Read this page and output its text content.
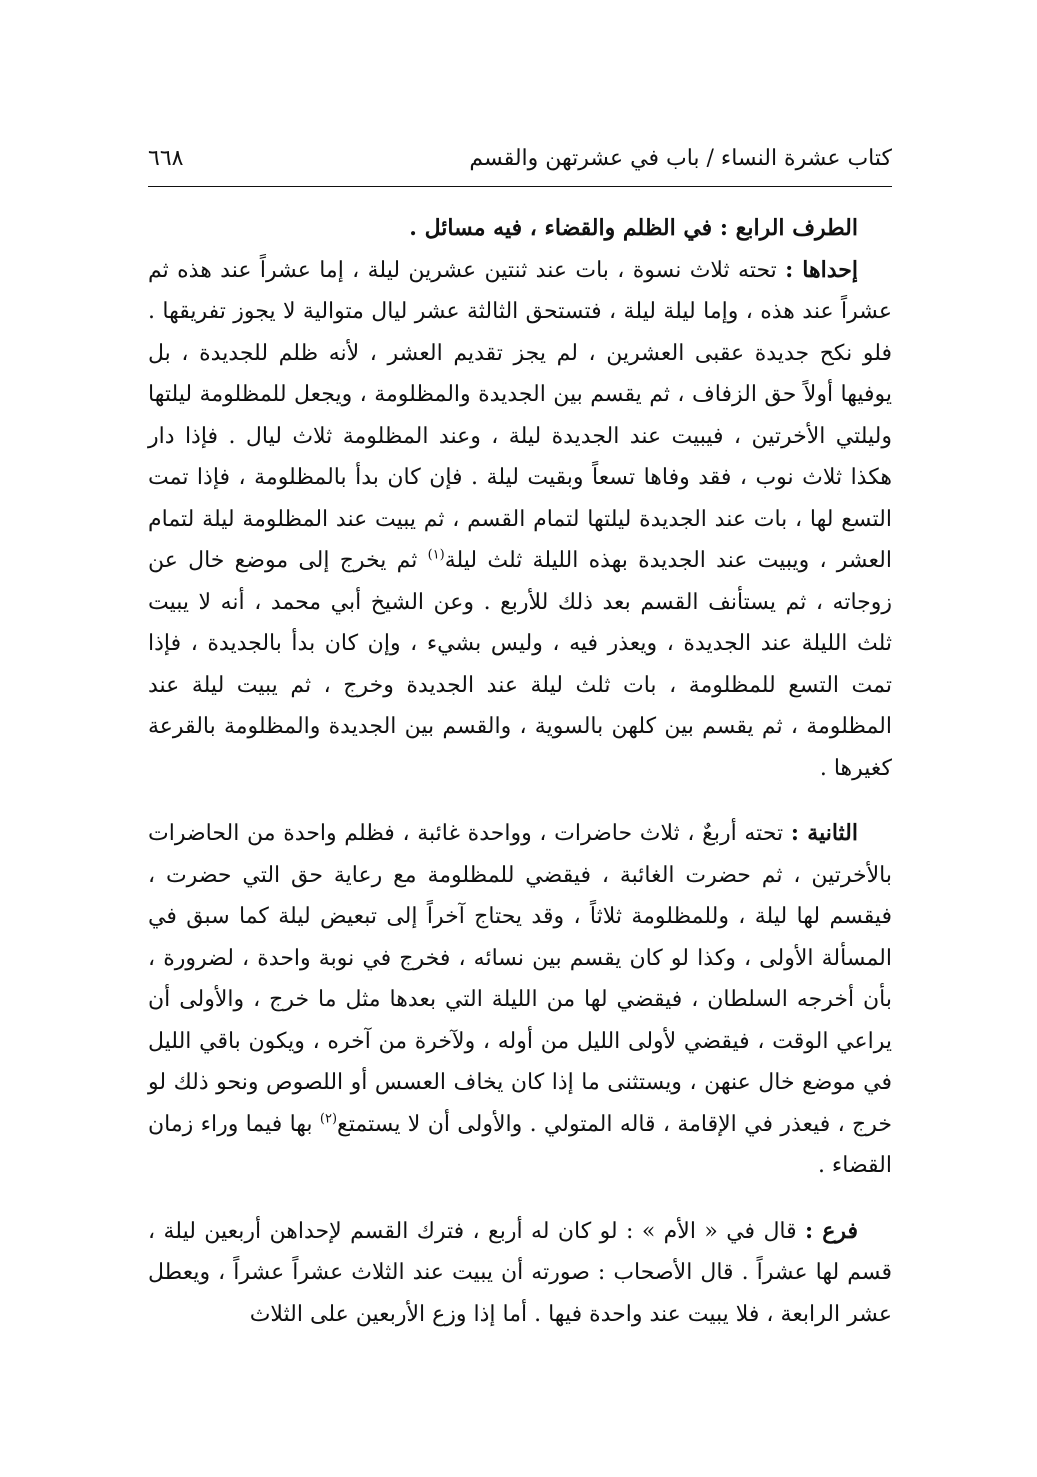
كتاب عشرة النساء / باب في عشرتهن والقسم
٦٦٨

الطرف الرابع : في الظلم والقضاء ، فيه مسائل .

إحداها : تحته ثلاث نسوة ، بات عند ثنتين عشرين ليلة ، إما عشراً عند هذه ثم عشراً عند هذه ، وإما ليلة ليلة ، فتستحق الثالثة عشر ليال متوالية لا يجوز تفريقها . فلو نكح جديدة عقبى العشرين ، لم يجز تقديم العشر ، لأنه ظلم للجديدة ، بل يوفيها أولاً حق الزفاف ، ثم يقسم بين الجديدة والمظلومة ، ويجعل للمظلومة ليلتها وليلتي الأخرتين ، فيبيت عند الجديدة ليلة ، وعند المظلومة ثلاث ليال . فإذا دار هكذا ثلاث نوب ، فقد وفاها تسعاً وبقيت ليلة . فإن كان بدأ بالمظلومة ، فإذا تمت التسع لها ، بات عند الجديدة ليلتها لتمام القسم ، ثم يبيت عند المظلومة ليلة لتمام العشر ، ويبيت عند الجديدة بهذه الليلة ثلث ليلة$^{(١)}$ ثم يخرج إلى موضع خال عن زوجاته ، ثم يستأنف القسم بعد ذلك للأربع . وعن الشيخ أبي محمد ، أنه لا يبيت ثلث الليلة عند الجديدة ، ويعذر فيه ، وليس بشيء ، وإن كان بدأ بالجديدة ، فإذا تمت التسع للمظلومة ، بات ثلث ليلة عند الجديدة وخرج ، ثم يبيت ليلة عند المظلومة ، ثم يقسم بين كلهن بالسوية ، والقسم بين الجديدة والمظلومة بالقرعة كغيرها .

الثانية : تحته أربعٌ ، ثلاث حاضرات ، وواحدة غائبة ، فظلم واحدة من الحاضرات بالأخرتين ، ثم حضرت الغائبة ، فيقضي للمظلومة مع رعاية حق التي حضرت ، فيقسم لها ليلة ، وللمظلومة ثلاثاً ، وقد يحتاج آخراً إلى تبعيض ليلة كما سبق في المسألة الأولى ، وكذا لو كان يقسم بين نسائه ، فخرج في نوبة واحدة ، لضرورة ، بأن أخرجه السلطان ، فيقضي لها من الليلة التي بعدها مثل ما خرج ، والأولى أن يراعي الوقت ، فيقضي لأولى الليل من أوله ، ولآخرة من آخره ، ويكون باقي الليل في موضع خال عنهن ، ويستثنى ما إذا كان يخاف العسس أو اللصوص ونحو ذلك لو خرج ، فيعذر في الإقامة ، قاله المتولي . والأولى أن لا يستمتع$^{(٢)}$ بها فيما وراء زمان القضاء .

فرع : قال في « الأم » : لو كان له أربع ، فترك القسم لإحداهن أربعين ليلة ، قسم لها عشراً . قال الأصحاب : صورته أن يبيت عند الثلاث عشراً عشراً ، ويعطل عشر الرابعة ، فلا يبيت عند واحدة فيها . أما إذا وزع الأربعين على الثلاث
